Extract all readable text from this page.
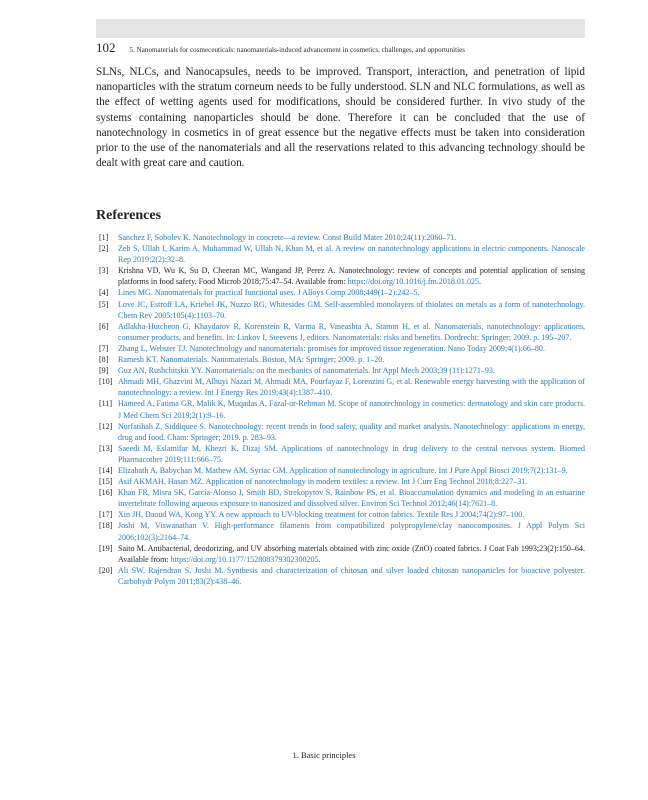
102 5. Nanomaterials for cosmeceuticals: nanomaterials-induced advancement in cosmetics, challenges, and opportunities

SLNs, NLCs, and Nanocapsules, needs to be improved. Transport, interaction, and penetration of lipid nanoparticles with the stratum corneum needs to be fully understood. SLN and NLC formulations, as well as the effect of wetting agents used for modifications, should be considered further. In vivo study of the systems containing nanoparticles should be done. Therefore it can be concluded that the use of nanotechnology in cosmetics in of great essence but the negative effects must be taken into consideration prior to the use of the nanomaterials and all the reservations related to this advancing technology should be dealt with great care and caution.

References
[1] Sanchez F, Sobolev K. Nanotechnology in concrete—a review. Const Build Mater 2010;24(11):2060–71.
[2] Zeb S, Ullah I, Karim A, Muhammad W, Ullah N, Khan M, et al. A review on nanotechnology applications in electric components. Nanoscale Rep 2019;2(2):32–8.
[3] Krishna VD, Wu K, Su D, Cheeran MC, Wangand JP, Perez A. Nanotechnology: review of concepts and potential application of sensing platforms in food safety. Food Microb 2018;75:47–54. Available from: https://doi.org/10.1016/j.fm.2018.01.025.
[4] Lines MG. Nanomaterials for practical functional uses. J Alloys Comp 2008;449(1–2):242–5.
[5] Love JC, Estroff LA, Kriebel JK, Nuzzo RG, Whitesides GM. Self-assembled monolayers of thiolates on metals as a form of nanotechnology. Chem Rev 2005;105(4):1103–70.
[6] Adlakha-Hutcheon G, Khaydarov R, Korenstein R, Varma R, Vaseashta A, Stamm H, et al. Nanomaterials, nanotechnology: applications, consumer products, and benefits. In: Linkov I, Steevens J, editors. Nanomaterials: risks and benefits. Dordrecht: Springer; 2009. p. 195–207.
[7] Zhang L, Webster TJ. Nanotechnology and nanomaterials: promises for improved tissue regeneration. Nano Today 2009;4(1):66–80.
[8] Ramesh KT. Nanomaterials. Nanomaterials. Boston, MA: Springer; 2009. p. 1–20.
[9] Guz AN, Rushchitskii YY. Nanomaterials: on the mechanics of nanomaterials. Int Appl Mech 2003;39 (11):1271–93.
[10] Ahmadi MH, Ghazvini M, Alhuyi Nazari M, Ahmadi MA, Pourfayaz F, Lorenzini G, et al. Renewable energy harvesting with the application of nanotechnology: a review. Int J Energy Res 2019;43(4):1387–410.
[11] Hameed A, Fatima GR, Malik K, Muqadas A, Fazal-ur-Rehman M. Scope of nanotechnology in cosmetics: dermatology and skin care products. J Med Chem Sci 2019;2(1):9–16.
[12] Nurfatihah Z, Siddiquee S. Nanotechnology: recent trends in food safety, quality and market analysis. Nanotechnology: applications in energy, drug and food. Cham: Springer; 2019. p. 283–93.
[13] Saeedi M, Eslamifar M, Khezri K, Dizaj SM. Applications of nanotechnology in drug delivery to the central nervous system. Biomed Pharmacother 2019;111:666–75.
[14] Elizabath A, Babychan M, Mathew AM, Syriac GM. Application of nanotechnology in agriculture. Int J Pure Appl Biosci 2019;7(2):131–9.
[15] Asif AKMAH, Hasan MZ. Application of nanotechnology in modern textiles: a review. Int J Curr Eng Technol 2018;8:227–31.
[16] Khan FR, Misra SK, García-Alonso J, Smith BD, Strekopytov S, Rainbow PS, et al. Bioaccumulation dynamics and modeling in an estuarine invertebrate following aqueous exposure to nanosized and dissolved silver. Environ Sci Technol 2012;46(14):7621–8.
[17] Xin JH, Daoud WA, Kong YY. A new approach to UV-blocking treatment for cotton fabrics. Textile Res J 2004;74(2):97–100.
[18] Joshi M, Viswanathan V. High-performance filaments from compatibilized polypropylene/clay nanocomposites. J Appl Polym Sci 2006;102(3):2164–74.
[19] Saito M. Antibacterial, deodorizing, and UV absorbing materials obtained with zinc oxide (ZnO) coated fabrics. J Coat Fab 1993;23(2):150–64. Available from: https://doi.org/10.1177/152808379302300205.
[20] Ali SW, Rajendran S, Joshi M. Synthesis and characterization of chitosan and silver loaded chitosan nanoparticles for bioactive polyester. Carbohydr Polym 2011;83(2):438–46.
1. Basic principles
